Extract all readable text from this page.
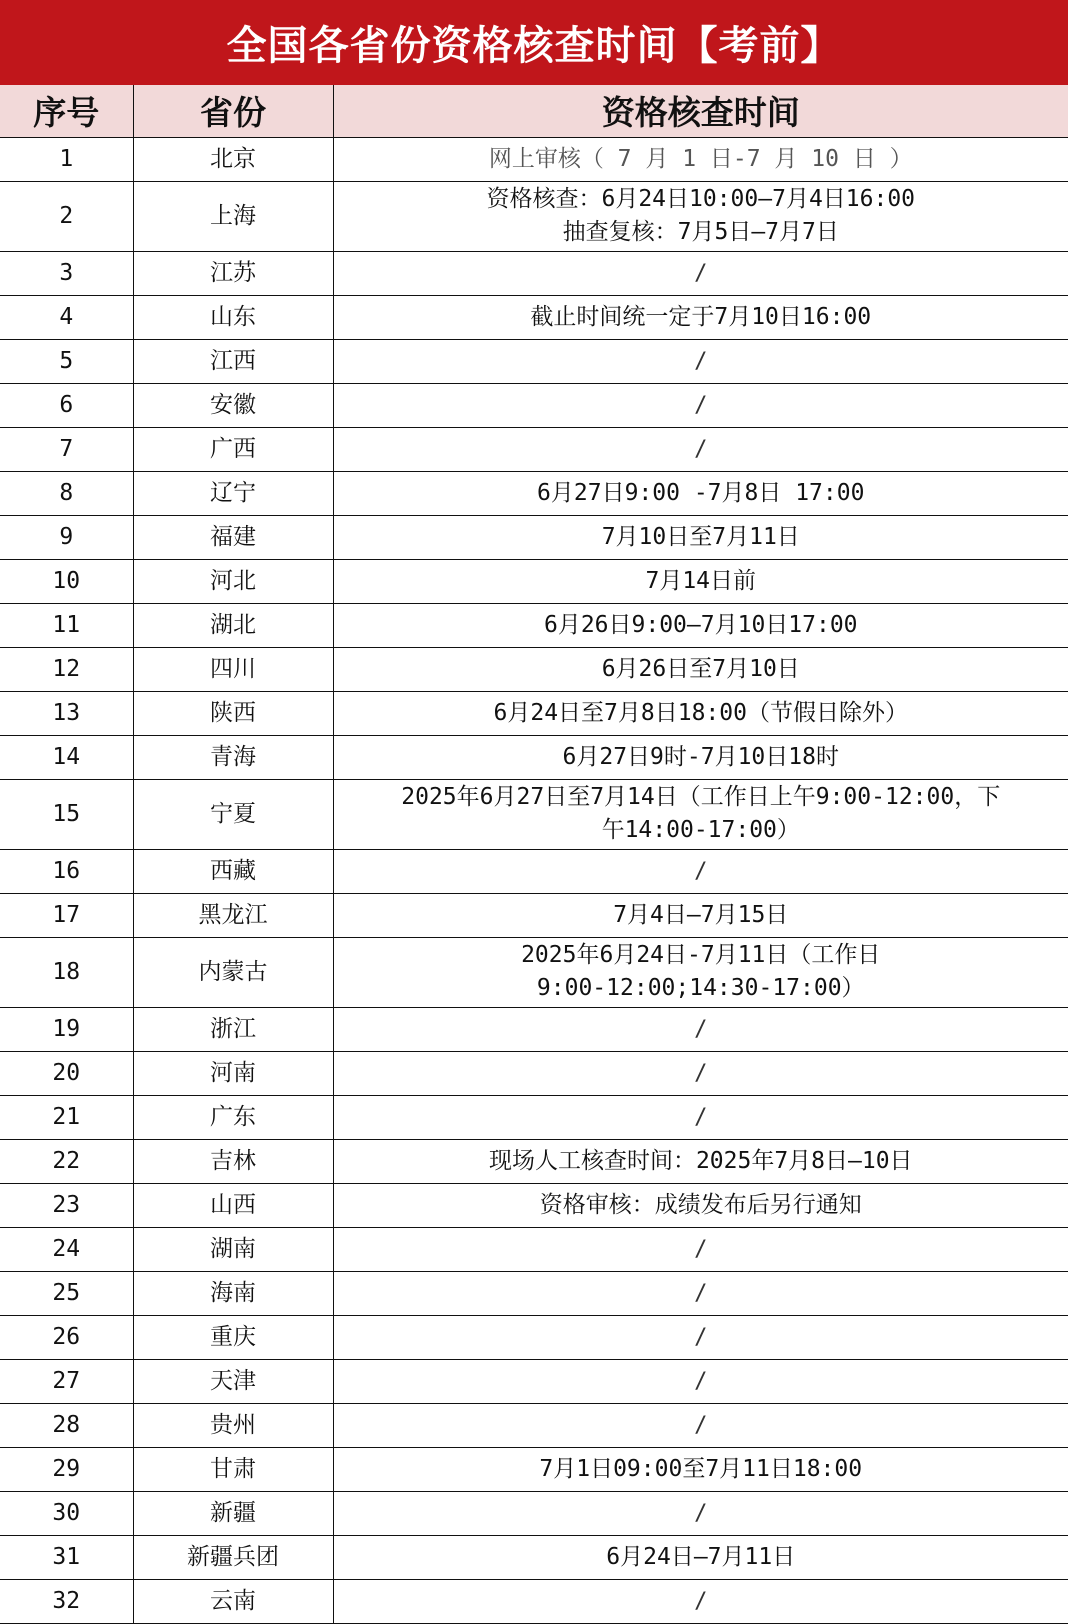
全国各省份资格核查时间【考前】
序号	省份	资格核查时间
1	北京	网上审核（ 7 月 1 日-7 月 10 日 ）

2	上海	资格核查：6月24日10:00—7月4日16:00
抽查复核：7月5日—7月7日

3	江苏	/

4	山东	截止时间统一定于7月10日16:00

5	江西	/

6	安徽	/

7	广西	/

8	辽宁	6月27日9:00 -7月8日 17:00

9	福建	7月10日至7月11日

10	河北	7月14日前

11	湖北	6月26日9:00—7月10日17:00

12	四川	6月26日至7月10日

13	陕西	6月24日至7月8日18:00（节假日除外）

14	青海	6月27日9时-7月10日18时

15	宁夏	2025年6月27日至7月14日（工作日上午9:00-12:00，下
午14:00-17:00）

16	西藏	/

17	黑龙江	7月4日—7月15日

18	内蒙古	2025年6月24日-7月11日（工作日
9:00-12:00;14:30-17:00）

19	浙江	/

20	河南	/

21	广东	/

22	吉林	现场人工核查时间：2025年7月8日—10日

23	山西	资格审核：成绩发布后另行通知

24	湖南	/

25	海南	/

26	重庆	/

27	天津	/

28	贵州	/

29	甘肃	7月1日09:00至7月11日18:00

30	新疆	/

31	新疆兵团	6月24日—7月11日

32	云南	/
